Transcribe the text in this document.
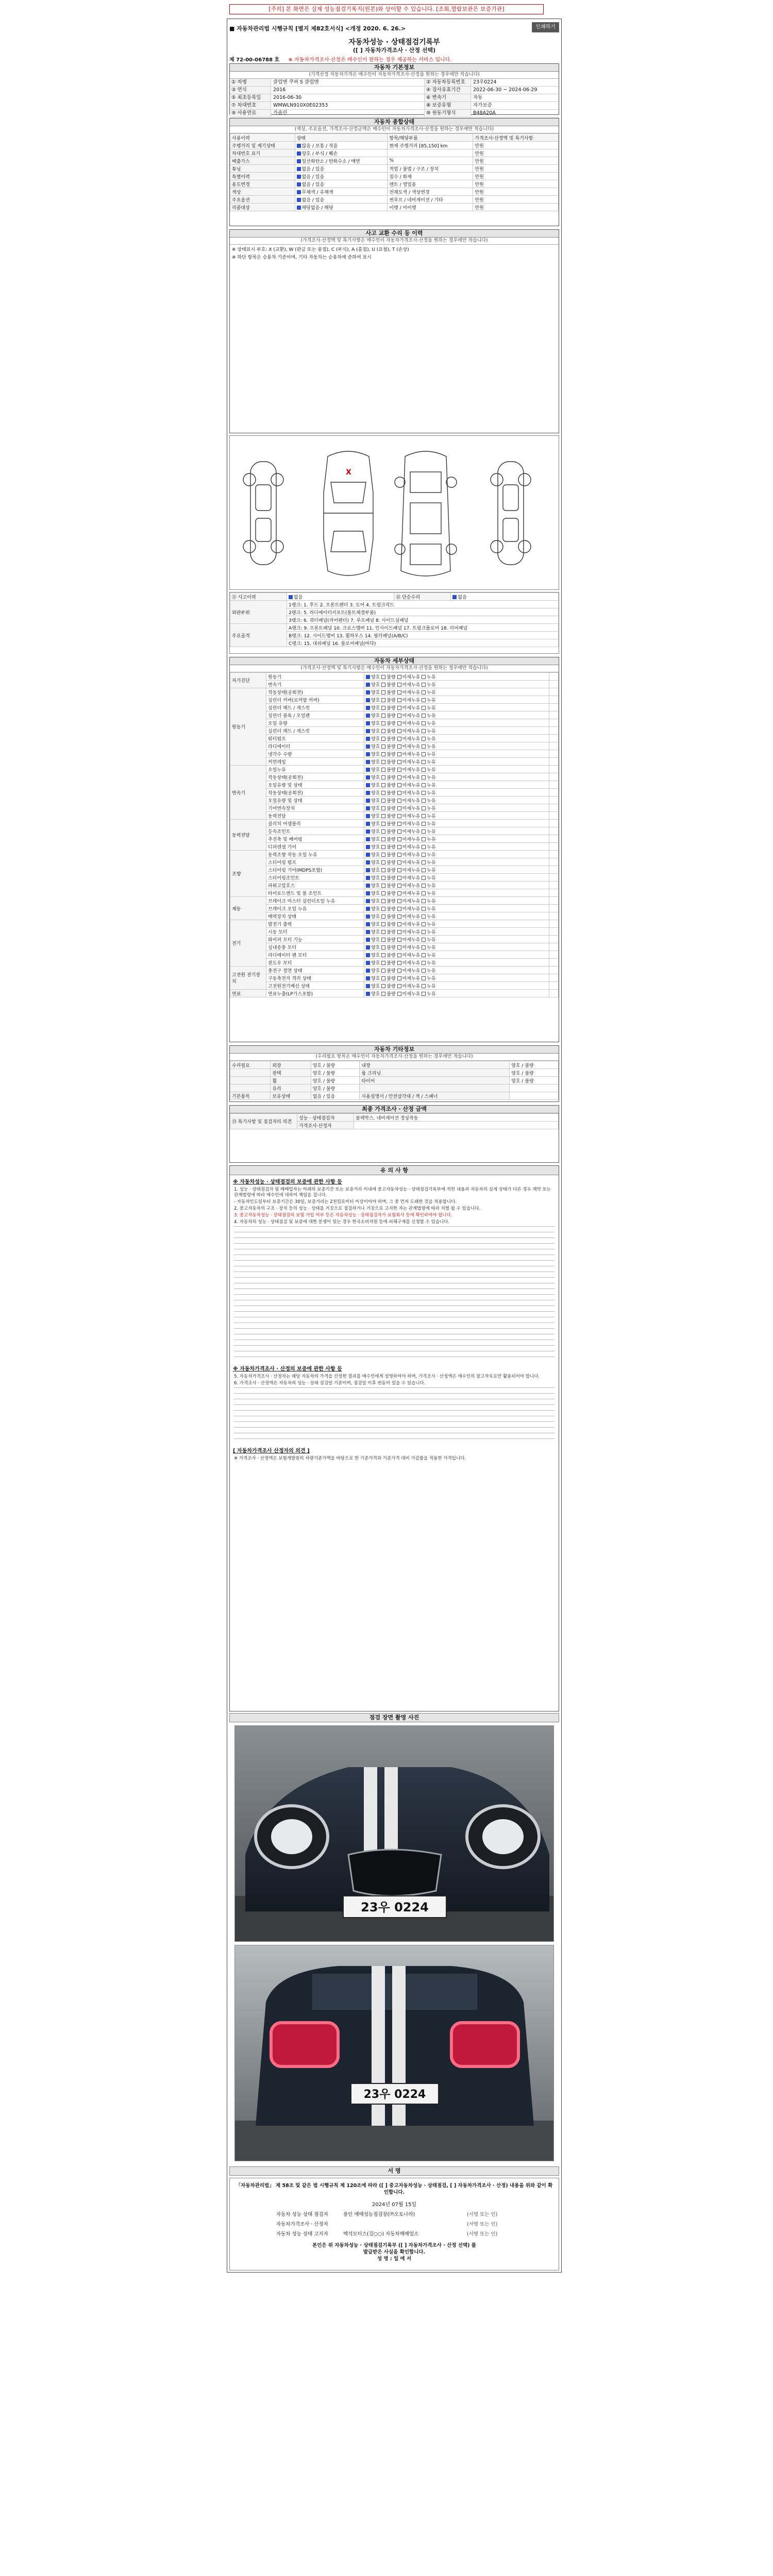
[주의] 본 화면은 실제 성능점검기록지(원본)와 상이할 수 있습니다. [조회,열람보관은 보증기관]
■ 자동차관리법 시행규칙 [별지 제82호서식] <개정 2020. 6. 26.>	인쇄하기
자동차성능 · 상태점검기록부
([ ] 자동차가격조사 · 산정 선택)
제 72-00-06788 호 ※ 자동차가격조사·산정은 매수인이 원하는 경우 제공하는 서비스 입니다.
자동차 기본정보
(가격산정 자동차가격은 매수인이 자동차가격조사·산정을 원하는 경우에만 적습니다)
① 차명	클럽맨 쿠퍼 S 클럽맨	② 자동차등록번호	23우0224
③ 연식	2016	④ 검사유효기간	2022-06-30 ~ 2024-06-29
⑤ 최초등록일	2016-06-30	⑥ 변속기	자동
⑦ 차대번호	WMWLN910X0E02353	⑧ 보증유형	자가보증
⑨ 사용연료	가솔린	⑩ 원동기형식	B48A20A
자동차 종합상태
(색상, 주요옵션, 가격조사·산정금액은 매수인이 자동차가격조사·산정을 원하는 경우에만 적습니다)
사용이력	상태	항목/해당부품	가격조사·산정액 및 특기사항
주행거리 및 계기상태	많음 / 보통 / 적음	현재 주행거리 [85,150] km	만원
차대번호 표기	양호 / 부식 / 훼손		만원
배출가스	일산화탄소 / 탄화수소 / 매연	%	만원
튜닝	없음 / 있음	적법 / 불법 / 구조 / 장치	만원
특별이력	없음 / 있음	침수 / 화재	만원
용도변경	없음 / 있음	렌트 / 영업용	만원
색상	무채색 / 유채색	전체도색 / 색상변경	만원
주요옵션	없음 / 있음	썬루프 / 네비게이션 / 기타	만원
리콜대상	해당없음 / 해당	이행 / 미이행	만원
사고 교환 수리 등 이력
(가격조사·산정액 및 특기사항은 매수인이 자동차가격조사·산정을 원하는 경우에만 적습니다)
※ 상태표시 부호: X (교환), W (판금 또는 용접), C (부식), A (흠집), U (요철), T (손상)
※ 하단 항목은 승용차 기준이며, 기타 자동차는 승용차에 준하여 표시
X
⑪ 사고이력	없음	⑫ 단순수리	없음
외판부위	1랭크: 1. 후드 2. 프론트펜더 3. 도어 4. 트렁크리드		
	2랭크: 5. 라디에이터서포트(볼트체결부품)		
	3랭크: 6. 쿼터패널(리어펜더) 7. 루프패널 8. 사이드실패널		
주요골격	A랭크: 9. 프론트패널 10. 크로스멤버 11. 인사이드패널 17. 트렁크플로어 18. 리어패널		
	B랭크: 12. 사이드멤버 13. 휠하우스 14. 필러패널(A/B/C)		
	C랭크: 15. 대쉬패널 16. 플로어패널(바닥)		
자동차 세부상태
(가격조사·산정액 및 특기사항은 매수인이 자동차가격조사·산정을 원하는 경우에만 적습니다)
자기진단	원동기	양호 불량 미세누유 누유	
	변속기	양호 불량 미세누유 누유	
원동기	작동상태(공회전)	양호 불량 미세누유 누유	
	실린더 커버(로커암 커버)	양호 불량 미세누유 누유	
	실린더 헤드 / 개스킷	양호 불량 미세누유 누유	
	실린더 블록 / 오일팬	양호 불량 미세누유 누유	
	오일 유량	양호 불량 미세누유 누유	
	실린더 헤드 / 개스킷	양호 불량 미세누유 누유	
	워터펌프	양호 불량 미세누유 누유	
	라디에이터	양호 불량 미세누유 누유	
	냉각수 수량	양호 불량 미세누유 누유	
	커먼레일	양호 불량 미세누유 누유	
변속기	오일누유	양호 불량 미세누유 누유	
	작동상태(공회전)	양호 불량 미세누유 누유	
	오일유량 및 상태	양호 불량 미세누유 누유	
	작동상태(공회전)	양호 불량 미세누유 누유	
	오일유량 및 상태	양호 불량 미세누유 누유	
	기어변속장치	양호 불량 미세누유 누유	
	동력전달	양호 불량 미세누유 누유	
동력전달	클러치 어셈블리	양호 불량 미세누유 누유	
	등속조인트	양호 불량 미세누유 누유	
	추진축 및 베어링	양호 불량 미세누유 누유	
	디퍼렌셜 기어	양호 불량 미세누유 누유	
조향	동력조향 작동 오일 누유	양호 불량 미세누유 누유	
	스티어링 펌프	양호 불량 미세누유 누유	
	스티어링 기어(MDPS포함)	양호 불량 미세누유 누유	
	스티어링조인트	양호 불량 미세누유 누유	
	파워고압호스	양호 불량 미세누유 누유	
	타이로드엔드 및 볼 조인트	양호 불량 미세누유 누유	
제동	브레이크 마스터 실린더오일 누유	양호 불량 미세누유 누유	
	브레이크 오일 누유	양호 불량 미세누유 누유	
	배력장치 상태	양호 불량 미세누유 누유	
전기	발전기 출력	양호 불량 미세누유 누유	
	시동 모터	양호 불량 미세누유 누유	
	와이퍼 모터 기능	양호 불량 미세누유 누유	
	실내송풍 모터	양호 불량 미세누유 누유	
	라디에이터 팬 모터	양호 불량 미세누유 누유	
	윈도우 모터	양호 불량 미세누유 누유	
고전원 전기장치	충전구 절연 상태	양호 불량 미세누유 누유	
	구동축전지 격리 상태	양호 불량 미세누유 누유	
	고전원전기배선 상태	양호 불량 미세누유 누유	
연료	연료누출(LP가스포함)	양호 불량 미세누유 누유	
자동차 기타정보
(수리필요 항목은 매수인이 자동차가격조사·산정을 원하는 경우에만 적습니다)
수리필요	외장	양호 / 불량	내장	양호 / 불량
	광택	양호 / 불량	룸 크리닝	양호 / 불량
	휠	양호 / 불량	타이어	양호 / 불량
	유리	양호 / 불량		
기본품목	보유상태	없음 / 있음	사용설명서 / 안전삼각대 / 잭 / 스패너	
최종 가격조사 · 산정 금액
⑬ 특기사항 및 점검자의 의견	성능 · 상태점검자	블랙박스, 네비게이션 정상작동
	가격조사·산정자	
유 의 사 항
※ 자동차성능 · 상태점검의 보증에 관한 사항 등
1. 성능 · 상태점검자 및 매매업자는 아래의 보증기간 또는 보증거리 이내에 중고자동차성능 · 상태점검기록부에 적힌 내용과 자동차의 실제 상태가 다른 경우 계약 또는 관계법령에 따라 매수인에 대하여 책임을 집니다.
- 자동차인도일부터 보증기간은 30일, 보증거리는 2천킬로미터 이상이어야 하며, 그 중 먼저 도래한 것을 적용합니다.
2. 중고자동차의 구조 · 장치 등의 성능 · 상태를 거짓으로 점검하거나 거짓으로 고지한 자는 관계법령에 따라 처벌 될 수 있습니다.
3. 중고자동차성능 · 상태점검의 보험 가입 여부 등은 자동차성능 · 상태점검자가 보험회사 등에 확인하여야 합니다.
4. 자동차의 성능 · 상태점검 및 보증에 대한 분쟁이 있는 경우 한국소비자원 등에 피해구제를 신청할 수 있습니다.
※ 자동차가격조사 · 산정의 보증에 관한 사항 등
5. 자동차가격조사 · 산정자는 해당 자동차의 가격을 산정한 결과를 매수인에게 설명하여야 하며, 가격조사 · 산정액은 매수인의 참고자료로만 활용되어야 합니다.
6. 가격조사 · 산정액은 자동차의 성능 · 상태 점검일 기준이며, 점검일 이후 변동이 있을 수 있습니다.
[ 자동차가격조사 산정자의 의견 ]
※ 가격조사 · 산정액은 보험개발원의 차량기준가액을 바탕으로 한 기준가격과 기준가격 대비 가감률을 적용한 가격입니다.
점검 장면 촬영 사진
23우 0224
23우 0224
서 명
「자동차관리법」 제 58조 및 같은 법 시행규칙 제 120조에 따라 ([ ] 중고자동차성능 · 상태점검, [ ] 자동차가격조사 · 산정) 내용을 위와 같이 확인합니다.
2024년 07월 15일
자동차 성능 상태 점검자	용인 매매성능점검장(㈜오토나라)	(서명 또는 인)
자동차가격조사 · 산정자	(서명 또는 인)
자동차 성능 상태 고지자	백석모터스(김○○) 자동차매매업소	(서명 또는 인)
본인은 위 자동차성능 · 상태점검기록부 ([ ] 자동차가격조사 · 산정 선택) 를
발급받은 사실을 확인합니다.
성 명 : 일 에 서
